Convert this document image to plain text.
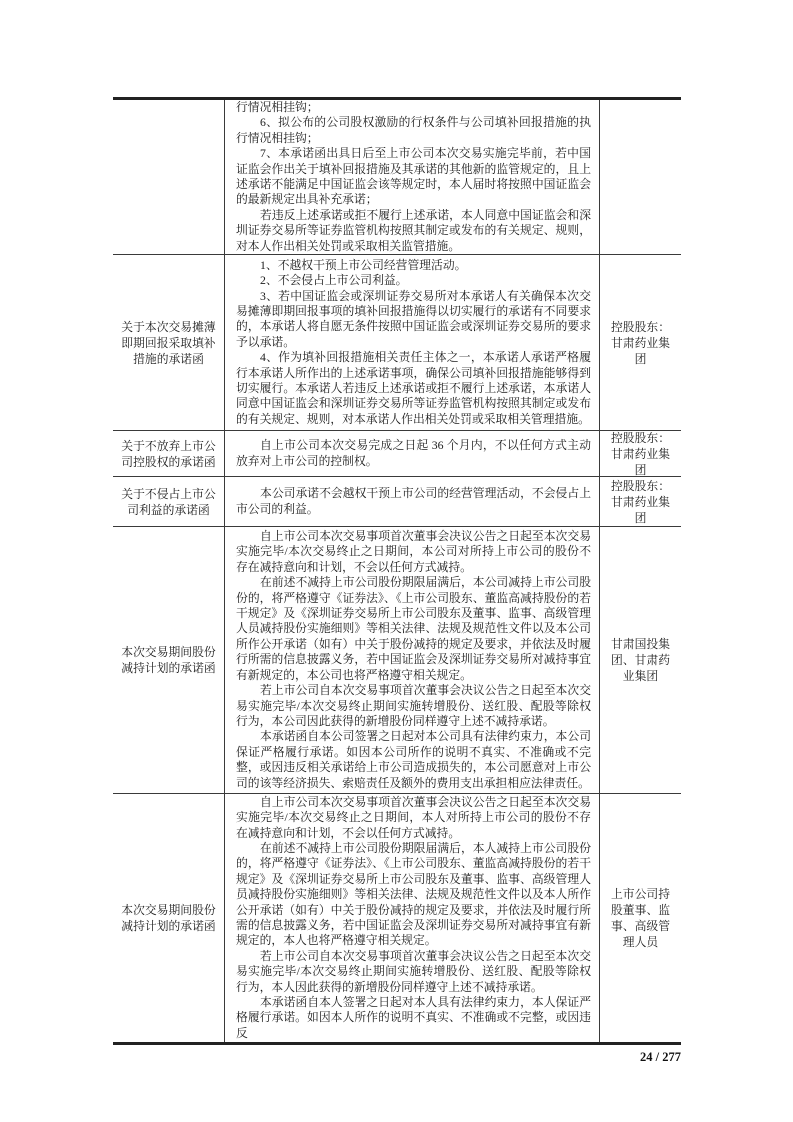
行情况相挂钩；

6、拟公布的公司股权激励的行权条件与公司填补回报措施的执行情况相挂钩；

7、本承诺函出具日后至上市公司本次交易实施完毕前，若中国证监会作出关于填补回报措施及其承诺的其他新的监管规定的，且上述承诺不能满足中国证监会该等规定时，本人届时将按照中国证监会的最新规定出具补充承诺；

若违反上述承诺或拒不履行上述承诺，本人同意中国证监会和深圳证券交易所等证券监管机构按照其制定或发布的有关规定、规则，对本人作出相关处罚或采取相关监管措施。

关于本次交易摊薄即期回报采取填补措施的承诺函

1、不越权干预上市公司经营管理活动。

2、不会侵占上市公司利益。

3、若中国证监会或深圳证券交易所对本承诺人有关确保本次交易摊薄即期回报事项的填补回报措施得以切实履行的承诺有不同要求的，本承诺人将自愿无条件按照中国证监会或深圳证券交易所的要求予以承诺。

4、作为填补回报措施相关责任主体之一，本承诺人承诺严格履行本承诺人所作出的上述承诺事项，确保公司填补回报措施能够得到切实履行。本承诺人若违反上述承诺或拒不履行上述承诺，本承诺人同意中国证监会和深圳证券交易所等证券监管机构按照其制定或发布的有关规定、规则，对本承诺人作出相关处罚或采取相关管理措施。

控股股东：甘肃药业集团
关于不放弃上市公司控股权的承诺函

自上市公司本次交易完成之日起 36 个月内，不以任何方式主动放弃对上市公司的控制权。

控股股东：甘肃药业集团
关于不侵占上市公司利益的承诺函

本公司承诺不会越权干预上市公司的经营管理活动，不会侵占上市公司的利益。

控股股东：甘肃药业集团
本次交易期间股份减持计划的承诺函

自上市公司本次交易事项首次董事会决议公告之日起至本次交易实施完毕/本次交易终止之日期间，本公司对所持上市公司的股份不存在减持意向和计划，不会以任何方式减持。

在前述不减持上市公司股份期限届满后，本公司减持上市公司股份的，将严格遵守《证券法》、《上市公司股东、董监高减持股份的若干规定》及《深圳证券交易所上市公司股东及董事、监事、高级管理人员减持股份实施细则》等相关法律、法规及规范性文件以及本公司所作公开承诺（如有）中关于股份减持的规定及要求，并依法及时履行所需的信息披露义务，若中国证监会及深圳证券交易所对减持事宜有新规定的，本公司也将严格遵守相关规定。

若上市公司自本次交易事项首次董事会决议公告之日起至本次交易实施完毕/本次交易终止期间实施转增股份、送红股、配股等除权行为，本公司因此获得的新增股份同样遵守上述不减持承诺。

本承诺函自本公司签署之日起对本公司具有法律约束力，本公司保证严格履行承诺。如因本公司所作的说明不真实、不准确或不完整，或因违反相关承诺给上市公司造成损失的，本公司愿意对上市公司的该等经济损失、索赔责任及额外的费用支出承担相应法律责任。

甘肃国投集团、甘肃药业集团
本次交易期间股份减持计划的承诺函

自上市公司本次交易事项首次董事会决议公告之日起至本次交易实施完毕/本次交易终止之日期间，本人对所持上市公司的股份不存在减持意向和计划，不会以任何方式减持。

在前述不减持上市公司股份期限届满后，本人减持上市公司股份的，将严格遵守《证券法》、《上市公司股东、董监高减持股份的若干规定》及《深圳证券交易所上市公司股东及董事、监事、高级管理人员减持股份实施细则》等相关法律、法规及规范性文件以及本人所作公开承诺（如有）中关于股份减持的规定及要求，并依法及时履行所需的信息披露义务，若中国证监会及深圳证券交易所对减持事宜有新规定的，本人也将严格遵守相关规定。

若上市公司自本次交易事项首次董事会决议公告之日起至本次交易实施完毕/本次交易终止期间实施转增股份、送红股、配股等除权行为，本人因此获得的新增股份同样遵守上述不减持承诺。

本承诺函自本人签署之日起对本人具有法律约束力，本人保证严格履行承诺。如因本人所作的说明不真实、不准确或不完整，或因违反

上市公司持股董事、监事、高级管理人员
24 / 277
